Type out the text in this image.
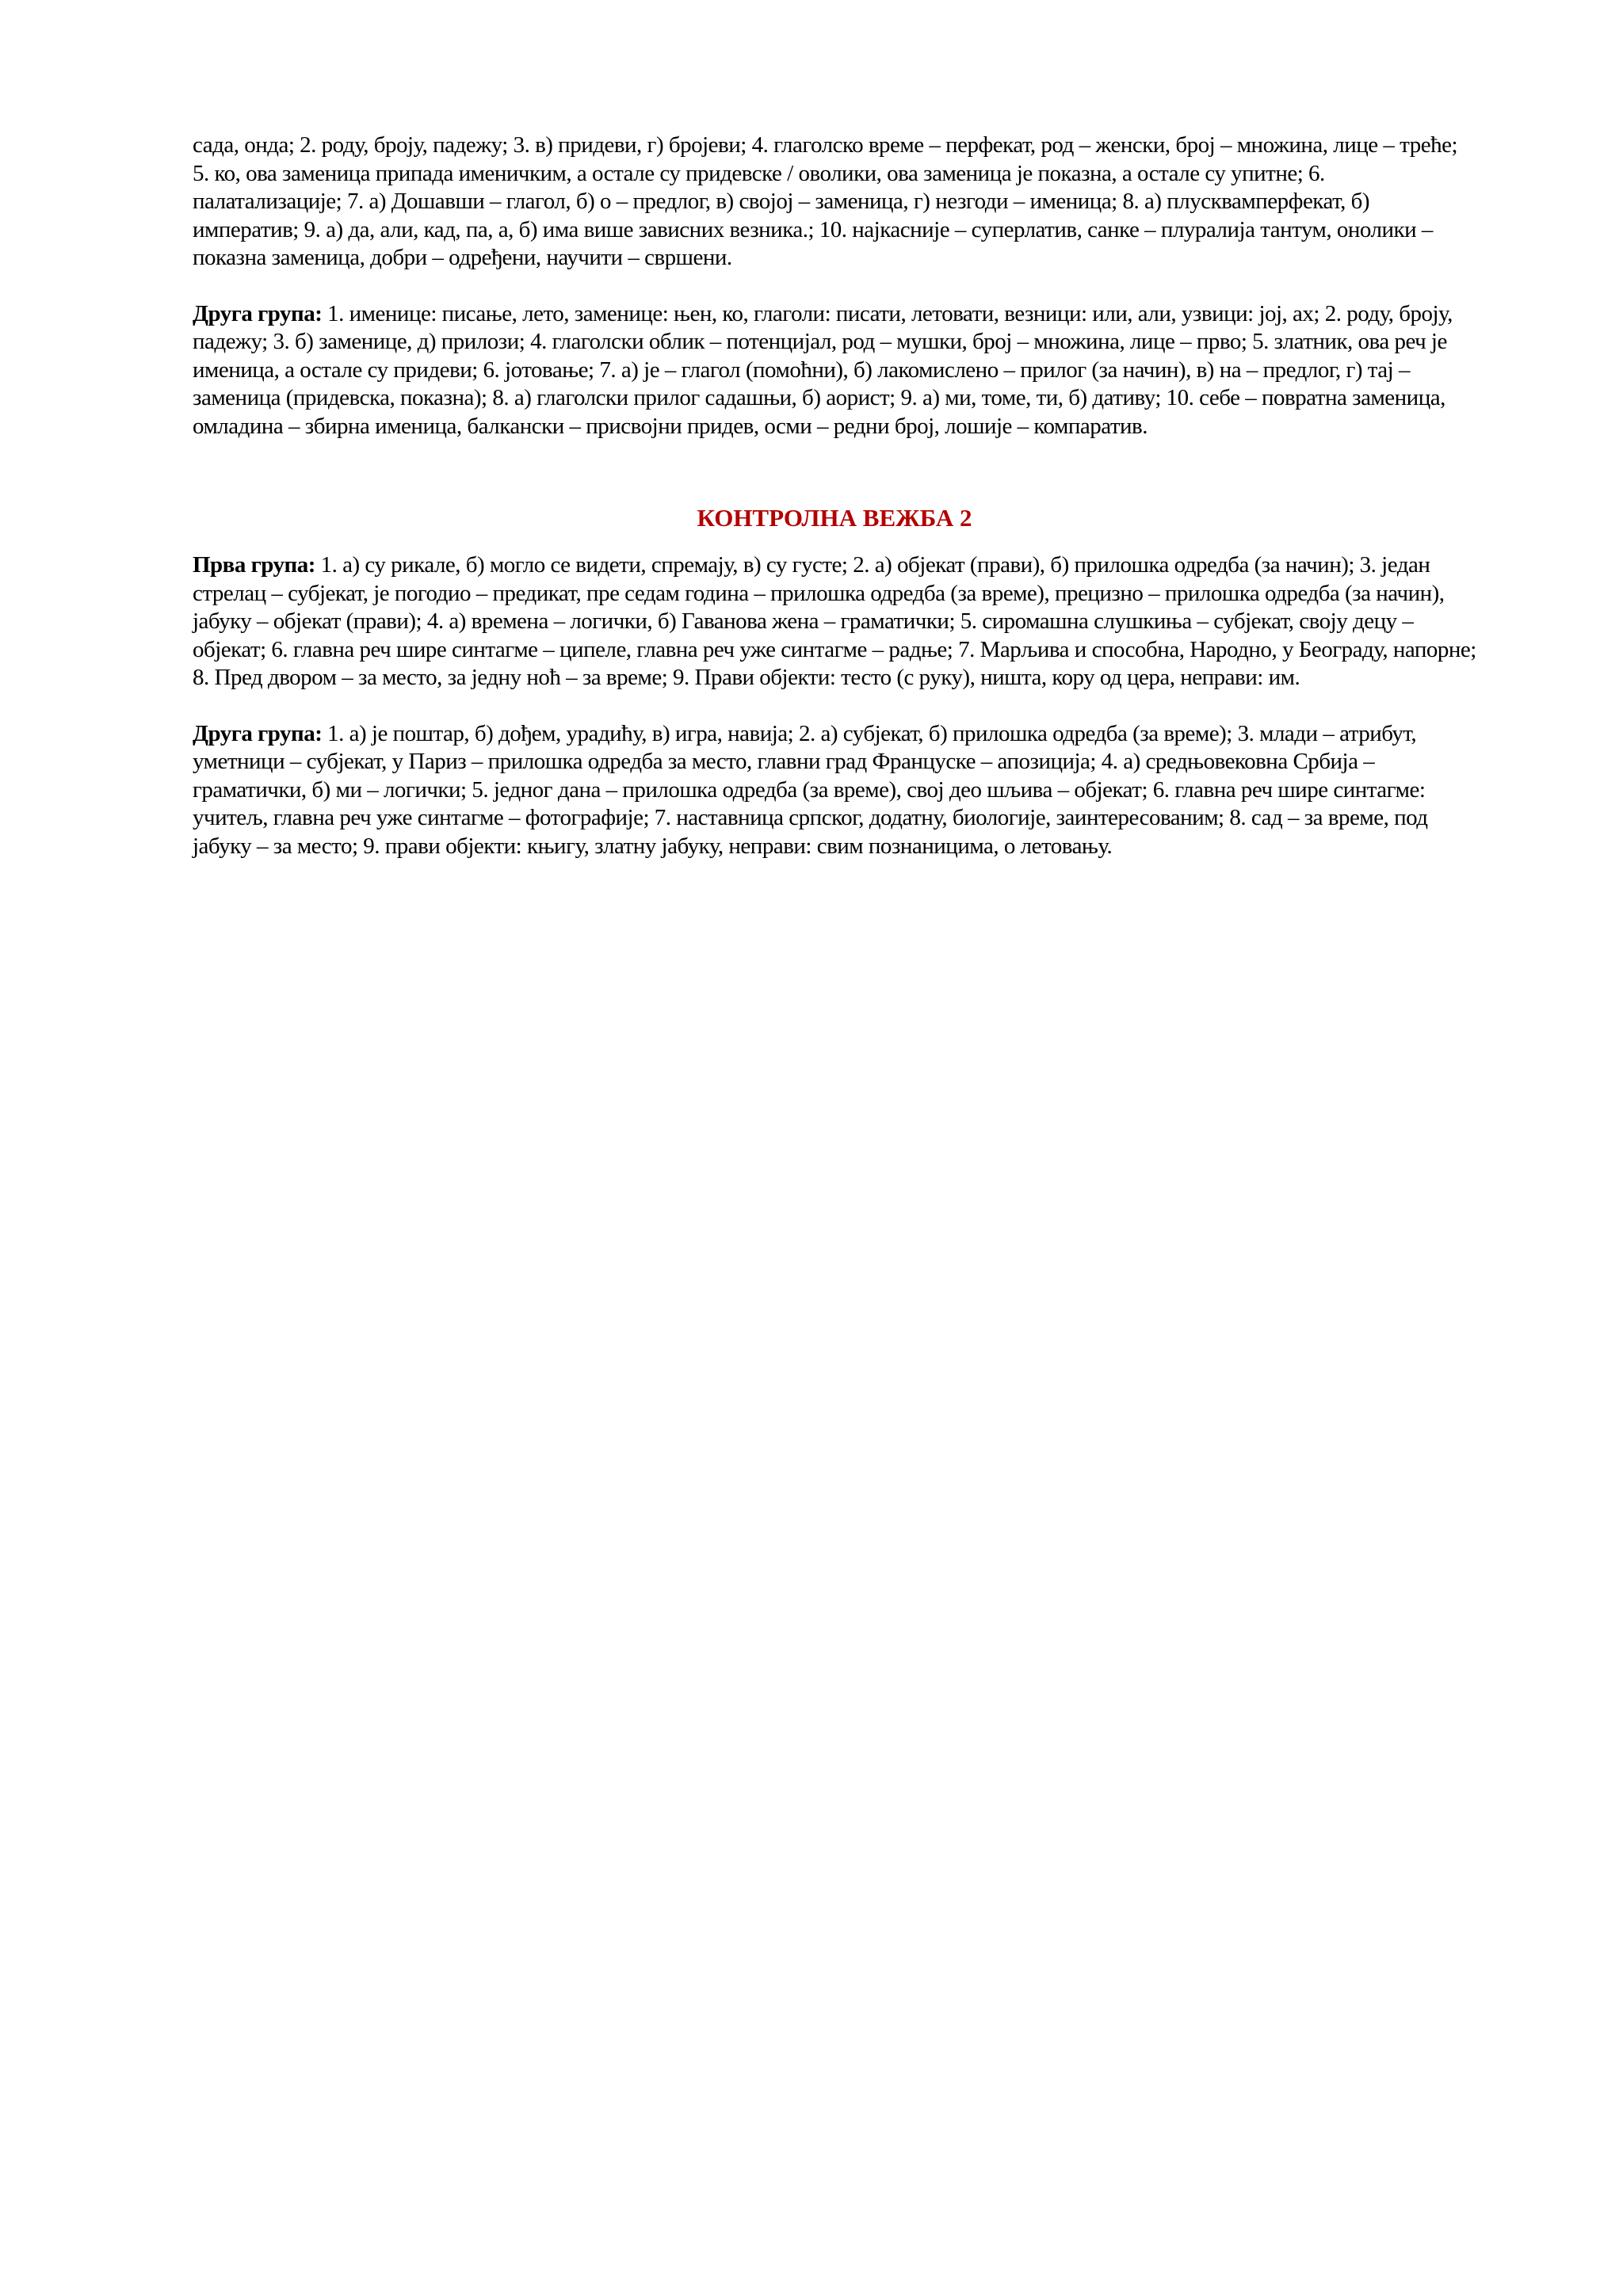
сада, онда; 2. роду, броју, падежу; 3. в) придеви, г) бројеви; 4. глаголско време – перфекат, род – женски, број – множина, лице – треће; 5. ко, ова заменица припада именичким, а остале су придевске / оволики, ова заменица је показна, а остале су упитне; 6. палатализације; 7. а) Дошавши – глагол, б) о – предлог, в) својој – заменица, г) незгоди – именица; 8. а) плусквамперфекат, б) императив; 9. а) да, али, кад, па, а, б) има више зависних везника.; 10. најкасније – суперлатив, санке – плуралија тантум, онолики – показна заменица, добри – одређени, научити – свршени.

Друга група: 1. именице: писање, лето, заменице: њен, ко, глаголи: писати, летовати, везници: или, али, узвици: јој, ах; 2. роду, броју, падежу; 3. б) заменице, д) прилози; 4. глаголски облик – потенцијал, род – мушки, број – множина, лице – прво; 5. златник, ова реч је именица, а остале су придеви; 6. јотовање; 7. а) је – глагол (помоћни), б) лакомислено – прилог (за начин), в) на – предлог, г) тај – заменица (придевска, показна); 8. а) глаголски прилог садашњи, б) аорист; 9. а) ми, томе, ти, б) дативу; 10. себе – повратна заменица, омладина – збирна именица, балкански – присвојни придев, осми – редни број, лошије – компаратив.

КОНТРОЛНА ВЕЖБА 2

Прва група: 1. а) су рикале, б) могло се видети, спремају, в) су густе; 2. а) објекат (прави), б) прилошка одредба (за начин); 3. један стрелац – субјекат, је погодио – предикат, пре седам година – прилошка одредба (за време), прецизно – прилошка одредба (за начин), јабуку – објекат (прави); 4. а) времена – логички, б) Гаванова жена – граматички; 5. сиромашна слушкиња – субјекат, своју децу – објекат; 6. главна реч шире синтагме – ципеле, главна реч уже синтагме – радње; 7. Марљива и способна, Народно, у Београду, напорне; 8. Пред двором – за место, за једну ноћ – за време; 9. Прави објекти: тесто (с руку), ништа, кору од цера, неправи: им.

Друга група: 1. а) је поштар, б) дођем, урадићу, в) игра, навија; 2. а) субјекат, б) прилошка одредба (за време); 3. млади – атрибут, уметници – субјекат, у Париз – прилошка одредба за место, главни град Француске – апозиција; 4. а) средњовековна Србија – граматички, б) ми – логички; 5. једног дана – прилошка одредба (за време), свој део шљива – објекат; 6. главна реч шире синтагме: учитељ, главна реч уже синтагме – фотографије; 7. наставница српског, додатну, биологије, заинтересованим; 8. сад – за време, под јабуку – за место; 9. прави објекти: књигу, златну јабуку, неправи: свим познаницима, о летовању.
